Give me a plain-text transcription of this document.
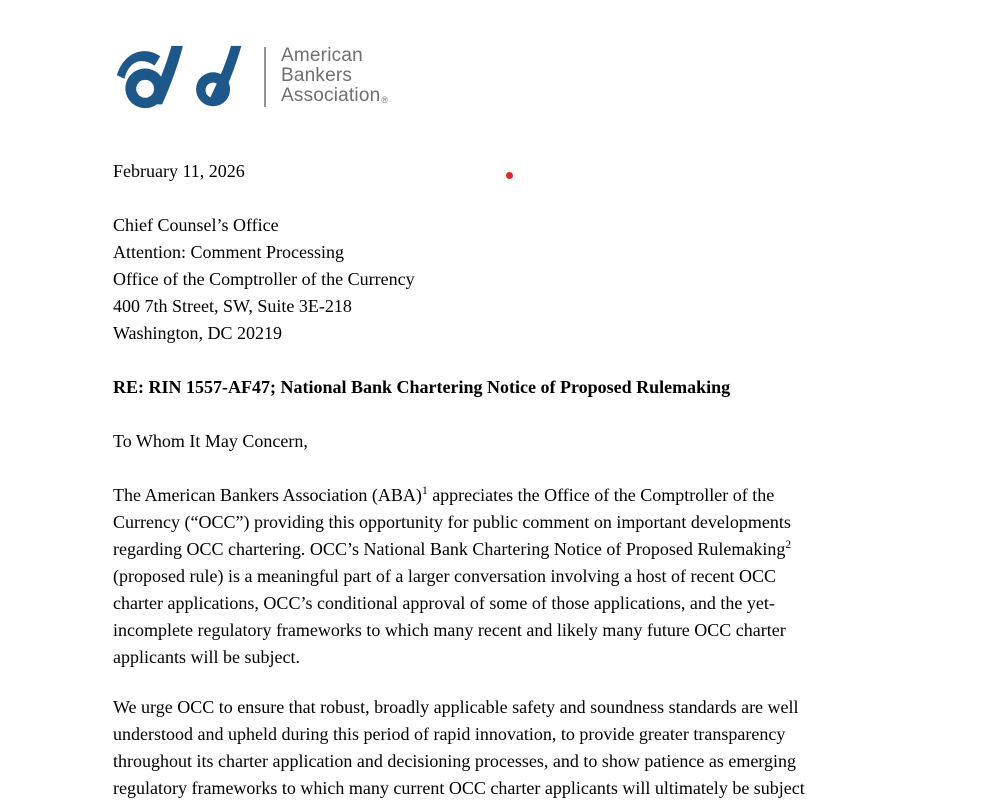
American
Bankers
Association®
February 11, 2026
Chief Counsel’s Office
Attention: Comment Processing
Office of the Comptroller of the Currency
400 7th Street, SW, Suite 3E-218
Washington, DC 20219
RE: RIN 1557-AF47; National Bank Chartering Notice of Proposed Rulemaking
To Whom It May Concern,
The American Bankers Association (ABA)$^1$ appreciates the Office of the Comptroller of the
Currency (“OCC”) providing this opportunity for public comment on important developments
regarding OCC chartering. OCC’s National Bank Chartering Notice of Proposed Rulemaking$^2$
(proposed rule) is a meaningful part of a larger conversation involving a host of recent OCC
charter applications, OCC’s conditional approval of some of those applications, and the yet-
incomplete regulatory frameworks to which many recent and likely many future OCC charter
applicants will be subject.
We urge OCC to ensure that robust, broadly applicable safety and soundness standards are well
understood and upheld during this period of rapid innovation, to provide greater transparency
throughout its charter application and decisioning processes, and to show patience as emerging
regulatory frameworks to which many current OCC charter applicants will ultimately be subject
